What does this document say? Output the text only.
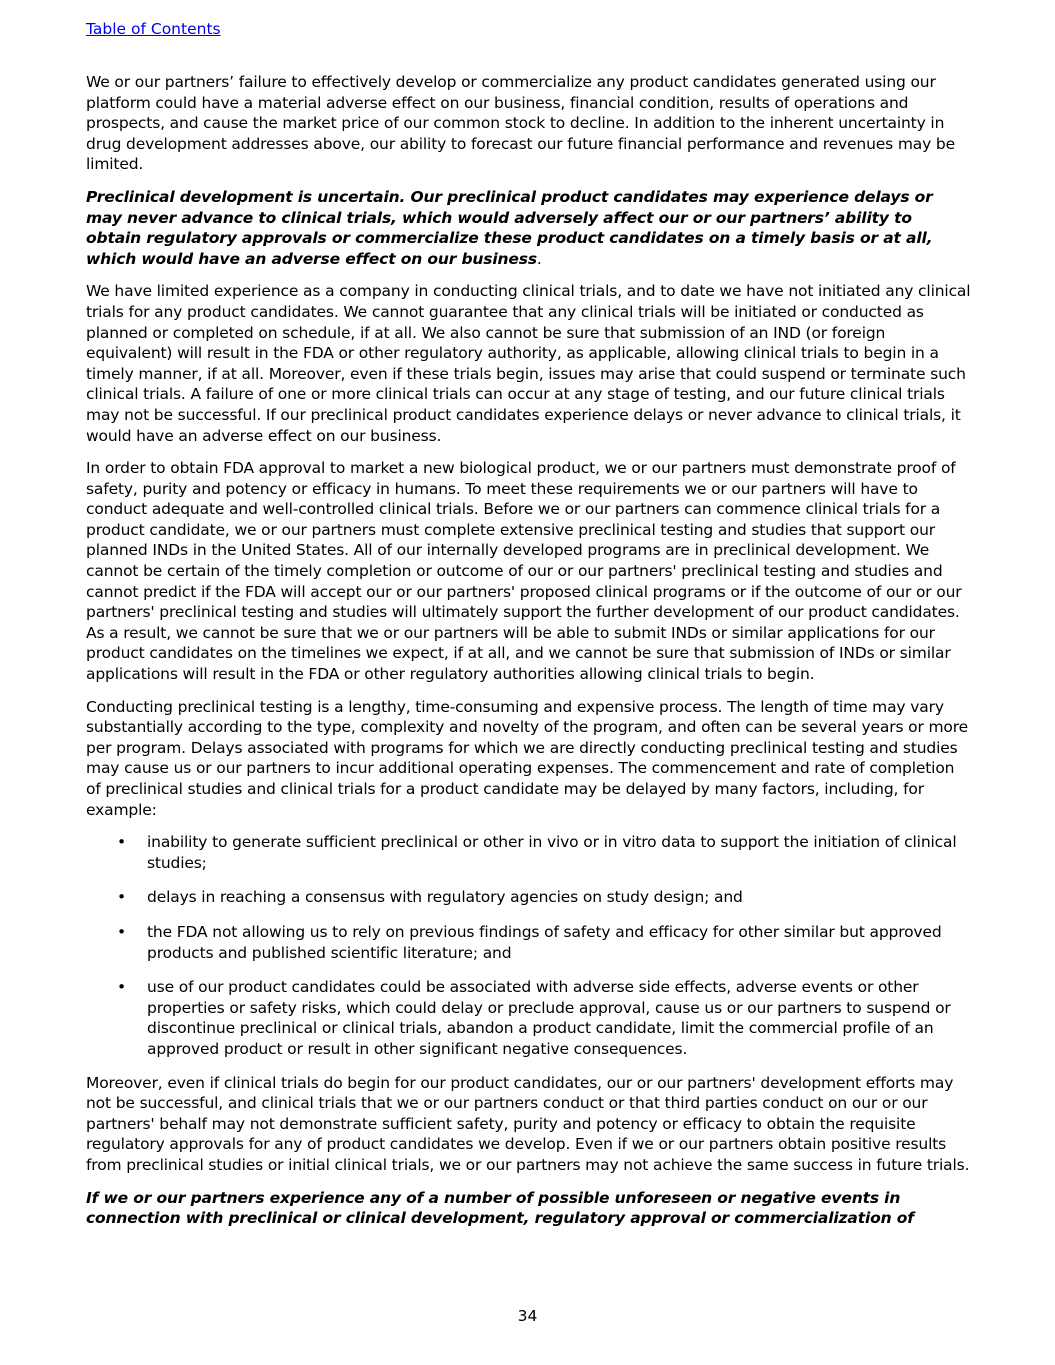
Table of Contents

We or our partners’ failure to effectively develop or commercialize any product candidates generated using our platform could have a material adverse effect on our business, financial condition, results of operations and prospects, and cause the market price of our common stock to decline. In addition to the inherent uncertainty in drug development addresses above, our ability to forecast our future financial performance and revenues may be limited.

Preclinical development is uncertain. Our preclinical product candidates may experience delays or may never advance to clinical trials, which would adversely affect our or our partners’ ability to obtain regulatory approvals or commercialize these product candidates on a timely basis or at all, which would have an adverse effect on our business.

We have limited experience as a company in conducting clinical trials, and to date we have not initiated any clinical trials for any product candidates. We cannot guarantee that any clinical trials will be initiated or conducted as planned or completed on schedule, if at all. We also cannot be sure that submission of an IND (or foreign equivalent) will result in the FDA or other regulatory authority, as applicable, allowing clinical trials to begin in a timely manner, if at all. Moreover, even if these trials begin, issues may arise that could suspend or terminate such clinical trials. A failure of one or more clinical trials can occur at any stage of testing, and our future clinical trials may not be successful. If our preclinical product candidates experience delays or never advance to clinical trials, it would have an adverse effect on our business.

In order to obtain FDA approval to market a new biological product, we or our partners must demonstrate proof of safety, purity and potency or efficacy in humans. To meet these requirements we or our partners will have to conduct adequate and well-controlled clinical trials. Before we or our partners can commence clinical trials for a product candidate, we or our partners must complete extensive preclinical testing and studies that support our planned INDs in the United States. All of our internally developed programs are in preclinical development. We cannot be certain of the timely completion or outcome of our or our partners' preclinical testing and studies and cannot predict if the FDA will accept our or our partners' proposed clinical programs or if the outcome of our or our partners' preclinical testing and studies will ultimately support the further development of our product candidates. As a result, we cannot be sure that we or our partners will be able to submit INDs or similar applications for our product candidates on the timelines we expect, if at all, and we cannot be sure that submission of INDs or similar applications will result in the FDA or other regulatory authorities allowing clinical trials to begin.

Conducting preclinical testing is a lengthy, time-consuming and expensive process. The length of time may vary substantially according to the type, complexity and novelty of the program, and often can be several years or more per program. Delays associated with programs for which we are directly conducting preclinical testing and studies may cause us or our partners to incur additional operating expenses. The commencement and rate of completion of preclinical studies and clinical trials for a product candidate may be delayed by many factors, including, for example:

• inability to generate sufficient preclinical or other in vivo or in vitro data to support the initiation of clinical studies;
• delays in reaching a consensus with regulatory agencies on study design; and
• the FDA not allowing us to rely on previous findings of safety and efficacy for other similar but approved products and published scientific literature; and
• use of our product candidates could be associated with adverse side effects, adverse events or other properties or safety risks, which could delay or preclude approval, cause us or our partners to suspend or discontinue preclinical or clinical trials, abandon a product candidate, limit the commercial profile of an approved product or result in other significant negative consequences.

Moreover, even if clinical trials do begin for our product candidates, our or our partners' development efforts may not be successful, and clinical trials that we or our partners conduct or that third parties conduct on our or our partners' behalf may not demonstrate sufficient safety, purity and potency or efficacy to obtain the requisite regulatory approvals for any of product candidates we develop. Even if we or our partners obtain positive results from preclinical studies or initial clinical trials, we or our partners may not achieve the same success in future trials.

If we or our partners experience any of a number of possible unforeseen or negative events in connection with preclinical or clinical development, regulatory approval or commercialization of

34
